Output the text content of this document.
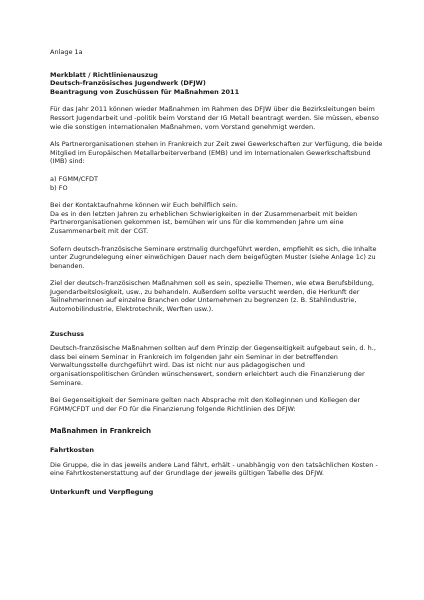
Anlage 1a

Merkblatt / Richtlinienauszug

Deutsch-französisches Jugendwerk (DFJW)

Beantragung von Zuschüssen für Maßnahmen 2011

Für das Jahr 2011 können wieder Maßnahmen im Rahmen des DFJW über die Bezirksleitungen beim Ressort Jugendarbeit und -politik beim Vorstand der IG Metall beantragt werden. Sie müssen, ebenso wie die sonstigen internationalen Maßnahmen, vom Vorstand genehmigt werden.

Als Partnerorganisationen stehen in Frankreich zur Zeit zwei Gewerkschaften zur Verfügung, die beide Mitglied im Europäischen Metallarbeiterverband (EMB) und im Internationalen Gewerkschaftsbund (IMB) sind:

a) FGMM/CFDT
b) FO

Bei der Kontaktaufnahme können wir Euch behilflich sein.

Da es in den letzten Jahren zu erheblichen Schwierigkeiten in der Zusammenarbeit mit beiden Partnerorganisationen gekommen ist, bemühen wir uns für die kommenden Jahre um eine Zusammenarbeit mit der CGT.

Sofern deutsch-französische Seminare erstmalig durchgeführt werden, empfiehlt es sich, die Inhalte unter Zugrundelegung einer einwöchigen Dauer nach dem beigefügten Muster (siehe Anlage 1c) zu benanden.

Ziel der deutsch-französischen Maßnahmen soll es sein, spezielle Themen, wie etwa Berufsbildung, Jugendarbeitslosigkeit, usw., zu behandeln. Außerdem sollte versucht werden, die Herkunft der Teilnehmerinnen auf einzelne Branchen oder Unternehmen zu begrenzen (z. B. Stahlindustrie, Automobilindustrie, Elektrotechnik, Werften usw.).

Zuschuss

Deutsch-französische Maßnahmen sollten auf dem Prinzip der Gegenseitigkeit aufgebaut sein, d. h., dass bei einem Seminar in Frankreich im folgenden Jahr ein Seminar in der betreffenden Verwaltungsstelle durchgeführt wird. Das ist nicht nur aus pädagogischen und organisationspolitischen Gründen wünschenswert, sondern erleichtert auch die Finanzierung der Seminare.

Bei Gegenseitigkeit der Seminare gelten nach Absprache mit den Kolleginnen und Kollegen der FGMM/CFDT und der FO für die Finanzierung folgende Richtlinien des DFJW:

Maßnahmen in Frankreich

Fahrtkosten

Die Gruppe, die in das jeweils andere Land fährt, erhält - unabhängig von den tatsächlichen Kosten - eine Fahrtkostenerstattung auf der Grundlage der jeweils gültigen Tabelle des DFJW.

Unterkunft und Verpflegung
